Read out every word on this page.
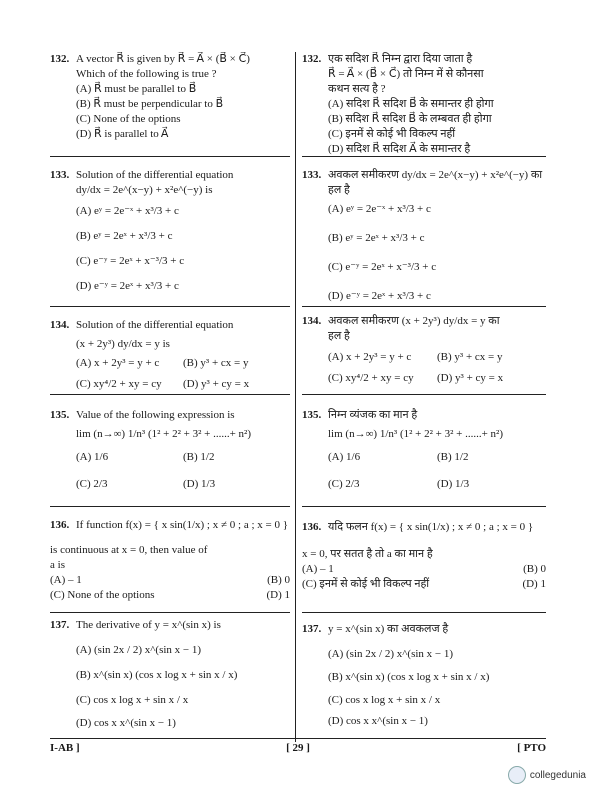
132. A vector R⃗ is given by R⃗ = A⃗ × (B⃗ × C⃗)
Which of the following is true ?
(A) R⃗ must be parallel to B⃗
(B) R⃗ must be perpendicular to B⃗
(C) None of the options
(D) R⃗ is parallel to A⃗
133. Solution of the differential equation
dy/dx = 2e^(x−y) + x²e^(−y) is
(A) eʸ = 2e⁻ˣ + x³/3 + c
(B) eʸ = 2eˣ + x³/3 + c
(C) e⁻ʸ = 2eˣ + x⁻³/3 + c
(D) e⁻ʸ = 2eˣ + x³/3 + c
134. Solution of the differential equation
(x + 2y³) dy/dx = y is
(A) x + 2y³ = y + c	(B) y³ + cx = y
(C) xy⁴/2 + xy = cy	(D) y³ + cy = x
135. Value of the following expression is
lim (n→∞) 1/n³ (1² + 2² + 3² + ......+ n²)
(A) 1/6	(B) 1/2
(C) 2/3	(D) 1/3
136. If function f(x) = { x sin(1/x) ; x ≠ 0 ; a ; x = 0 }
is continuous at x = 0, then value of
a is
(A) – 1	(B) 0
(C) None of the options	(D) 1
137. The derivative of y = x^(sin x) is
(A) (sin 2x / 2) x^(sin x − 1)
(B) x^(sin x) (cos x log x + sin x / x)
(C) cos x log x + sin x / x
(D) cos x x^(sin x − 1)
132. एक सदिश R⃗ निम्न द्वारा दिया जाता है
R⃗ = A⃗ × (B⃗ × C⃗) तो निम्न में से कौनसा
कथन सत्य है ?
(A) सदिश R⃗ सदिश B⃗ के समान्तर ही होगा
(B) सदिश R⃗ सदिश B⃗ के लम्बवत ही होगा
(C) इनमें से कोई भी विकल्प नहीं
(D) सदिश R⃗ सदिश A⃗ के समान्तर है
133. अवकल समीकरण dy/dx = 2e^(x−y) + x²e^(−y) का
हल है
(A) eʸ = 2e⁻ˣ + x³/3 + c
(B) eʸ = 2eˣ + x³/3 + c
(C) e⁻ʸ = 2eˣ + x⁻³/3 + c
(D) e⁻ʸ = 2eˣ + x³/3 + c
134. अवकल समीकरण (x + 2y³) dy/dx = y का
हल है
(A) x + 2y³ = y + c	(B) y³ + cx = y
(C) xy⁴/2 + xy = cy	(D) y³ + cy = x
135. निम्न व्यंजक का मान है
lim (n→∞) 1/n³ (1² + 2² + 3² + ......+ n²)
(A) 1/6	(B) 1/2
(C) 2/3	(D) 1/3
136. यदि फलन f(x) = { x sin(1/x) ; x ≠ 0 ; a ; x = 0 }
x = 0, पर सतत है तो a का मान है
(A) – 1	(B) 0
(C) इनमें से कोई भी विकल्प नहीं	(D) 1
137. y = x^(sin x) का अवकलज है
(A) (sin 2x / 2) x^(sin x − 1)
(B) x^(sin x) (cos x log x + sin x / x)
(C) cos x log x + sin x / x
(D) cos x x^(sin x − 1)
I-AB ]	[ 29 ]	[ PTO
collegedunia
